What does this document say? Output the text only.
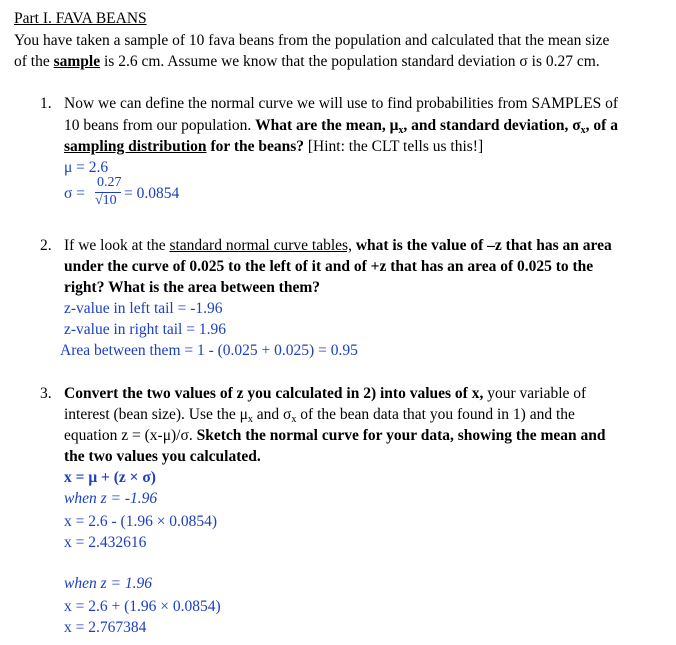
Part I. FAVA BEANS
You have taken a sample of 10 fava beans from the population and calculated that the mean size
of the sample is 2.6 cm. Assume we know that the population standard deviation σ is 0.27 cm.
1. Now we can define the normal curve we will use to find probabilities from SAMPLES of
10 beans from our population. What are the mean, $\mu_x$, and standard deviation, $\sigma_x$, of a
sampling distribution for the beans? [Hint: the CLT tells us this!]
μ = 2.6
σ =
0.27
√10 = 0.0854
2. If we look at the standard normal curve tables, what is the value of –z that has an area
under the curve of 0.025 to the left of it and of +z that has an area of 0.025 to the
right? What is the area between them?
z-value in left tail = -1.96
z-value in right tail = 1.96
Area between them = 1 - (0.025 + 0.025) = 0.95
3. Convert the two values of z you calculated in 2) into values of x, your variable of
interest (bean size). Use the $\mu_x$ and $\sigma_x$ of the bean data that you found in 1) and the
equation z = (x-μ)/σ. Sketch the normal curve for your data, showing the mean and
the two values you calculated.
x = μ + (z × σ)
when z = -1.96
x = 2.6 - (1.96 × 0.0854)
x = 2.432616
when z = 1.96
x = 2.6 + (1.96 × 0.0854)
x = 2.767384
